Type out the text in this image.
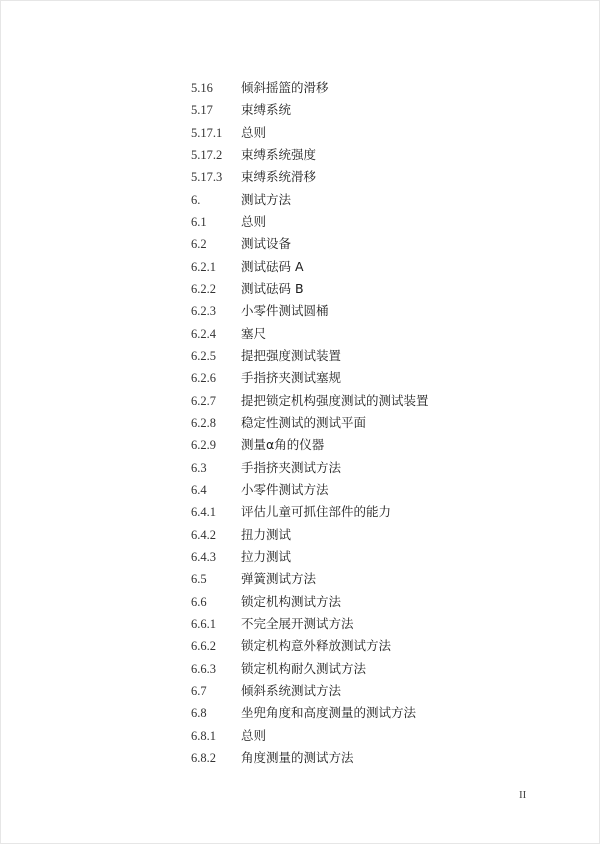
5.16 倾斜摇篮的滑移
5.17 束缚系统
5.17.1 总则
5.17.2 束缚系统强度
5.17.3 束缚系统滑移
6.	测试方法
6.1	总则
6.2	测试设备
6.2.1 测试砝码 A
6.2.2 测试砝码 B
6.2.3 小零件测试圆桶
6.2.4 塞尺
6.2.5 提把强度测试装置
6.2.6 手指挤夹测试塞规
6.2.7 提把锁定机构强度测试的测试装置
6.2.8 稳定性测试的测试平面
6.2.9 测量α角的仪器
6.3	手指挤夹测试方法
6.4	小零件测试方法
6.4.1 评估儿童可抓住部件的能力
6.4.2 扭力测试
6.4.3 拉力测试
6.5	弹簧测试方法
6.6	锁定机构测试方法
6.6.1 不完全展开测试方法
6.6.2 锁定机构意外释放测试方法
6.6.3 锁定机构耐久测试方法
6.7	倾斜系统测试方法
6.8	坐兜角度和高度测量的测试方法
6.8.1 总则
6.8.2 角度测量的测试方法
II
